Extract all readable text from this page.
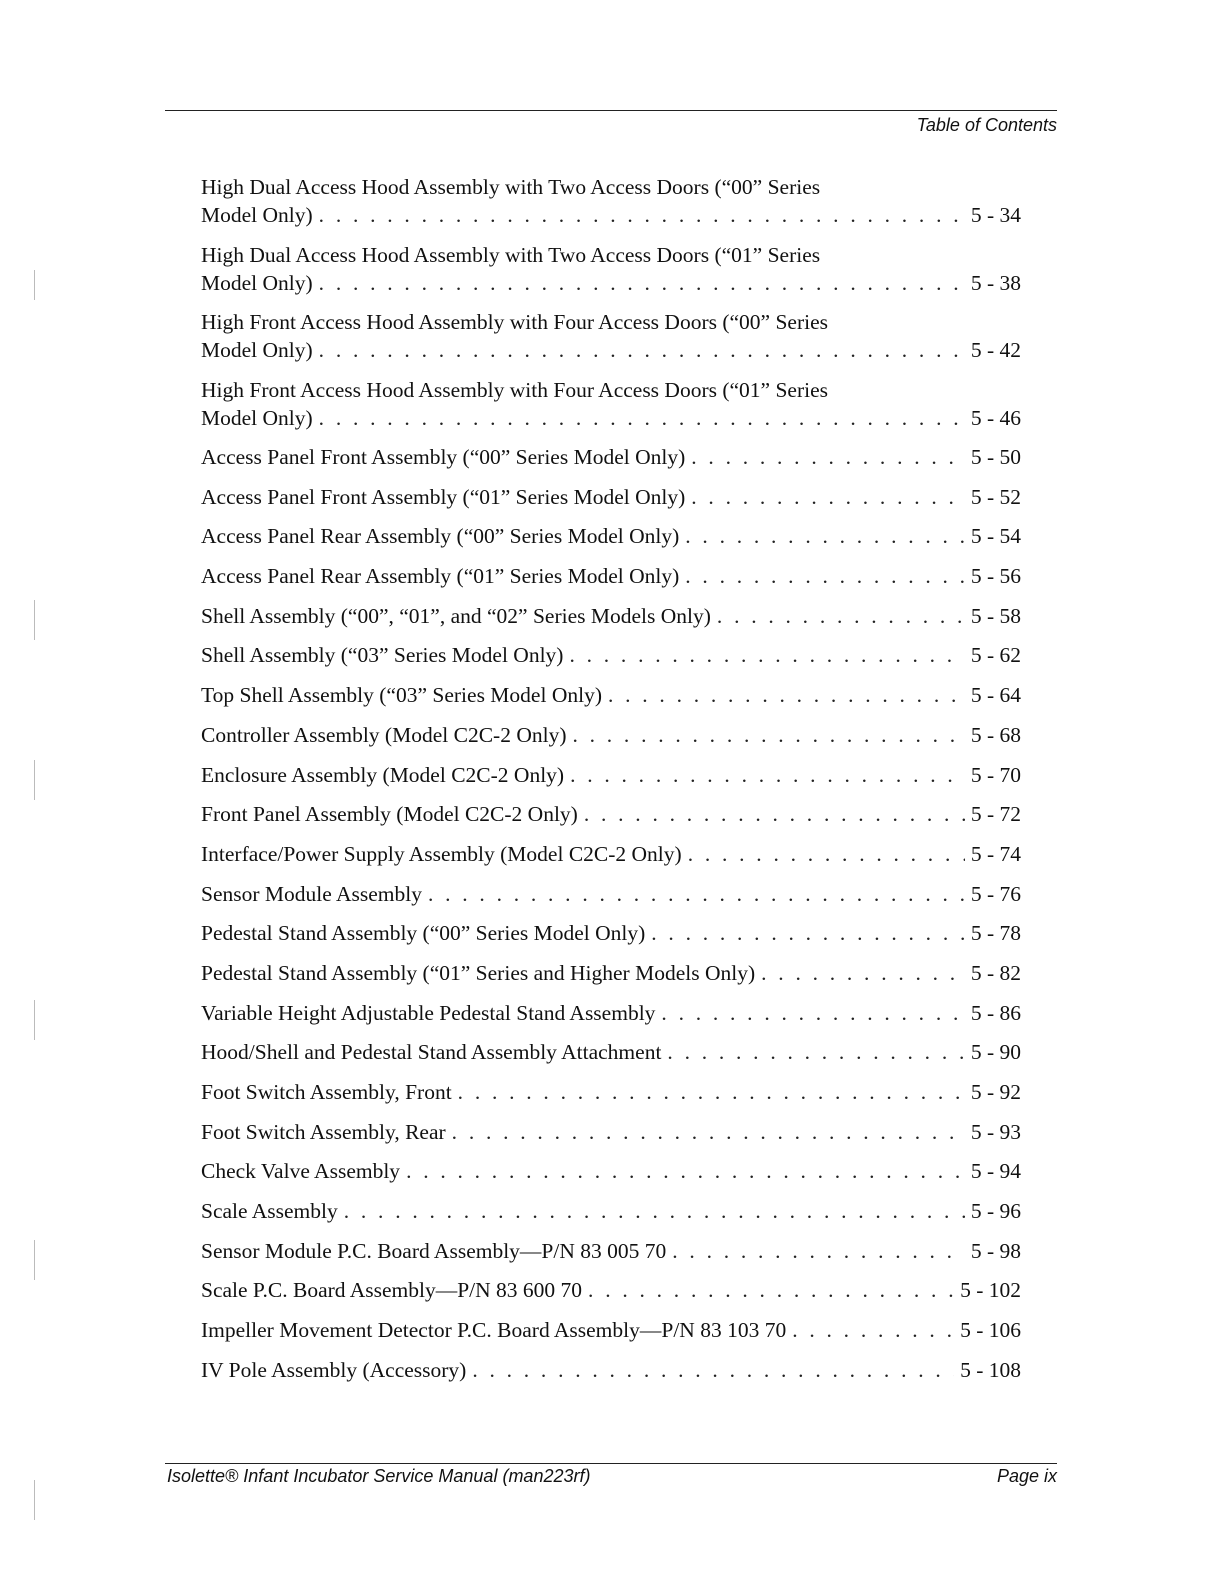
Table of Contents
High Dual Access Hood Assembly with Two Access Doors (“00” Series
Model Only) . . .	5 - 34
High Dual Access Hood Assembly with Two Access Doors (“01” Series
Model Only) . . .	5 - 38
High Front Access Hood Assembly with Four Access Doors (“00” Series
Model Only) . . .	5 - 42
High Front Access Hood Assembly with Four Access Doors (“01” Series
Model Only) . . .	5 - 46
Access Panel Front Assembly (“00” Series Model Only) . . .	5 - 50
Access Panel Front Assembly (“01” Series Model Only) . . .	5 - 52
Access Panel Rear Assembly (“00” Series Model Only) . . .	5 - 54
Access Panel Rear Assembly (“01” Series Model Only) . . .	5 - 56
Shell Assembly (“00”, “01”, and “02” Series Models Only) . . .	5 - 58
Shell Assembly (“03” Series Model Only) . . .	5 - 62
Top Shell Assembly (“03” Series Model Only) . . .	5 - 64
Controller Assembly (Model C2C-2 Only) . . .	5 - 68
Enclosure Assembly (Model C2C-2 Only) . . .	5 - 70
Front Panel Assembly (Model C2C-2 Only) . . .	5 - 72
Interface/Power Supply Assembly (Model C2C-2 Only) . . .	5 - 74
Sensor Module Assembly . . .	5 - 76
Pedestal Stand Assembly (“00” Series Model Only) . . .	5 - 78
Pedestal Stand Assembly (“01” Series and Higher Models Only) . . .	5 - 82
Variable Height Adjustable Pedestal Stand Assembly . . .	5 - 86
Hood/Shell and Pedestal Stand Assembly Attachment . . .	5 - 90
Foot Switch Assembly, Front . . .	5 - 92
Foot Switch Assembly, Rear . . .	5 - 93
Check Valve Assembly . . .	5 - 94
Scale Assembly . . .	5 - 96
Sensor Module P.C. Board Assembly—P/N 83 005 70 . . .	5 - 98
Scale P.C. Board Assembly—P/N 83 600 70 . . .	5 - 102
Impeller Movement Detector P.C. Board Assembly—P/N 83 103 70 . . .	5 - 106
IV Pole Assembly (Accessory) . . .	5 - 108
Isolette® Infant Incubator Service Manual (man223rf)	Page ix
